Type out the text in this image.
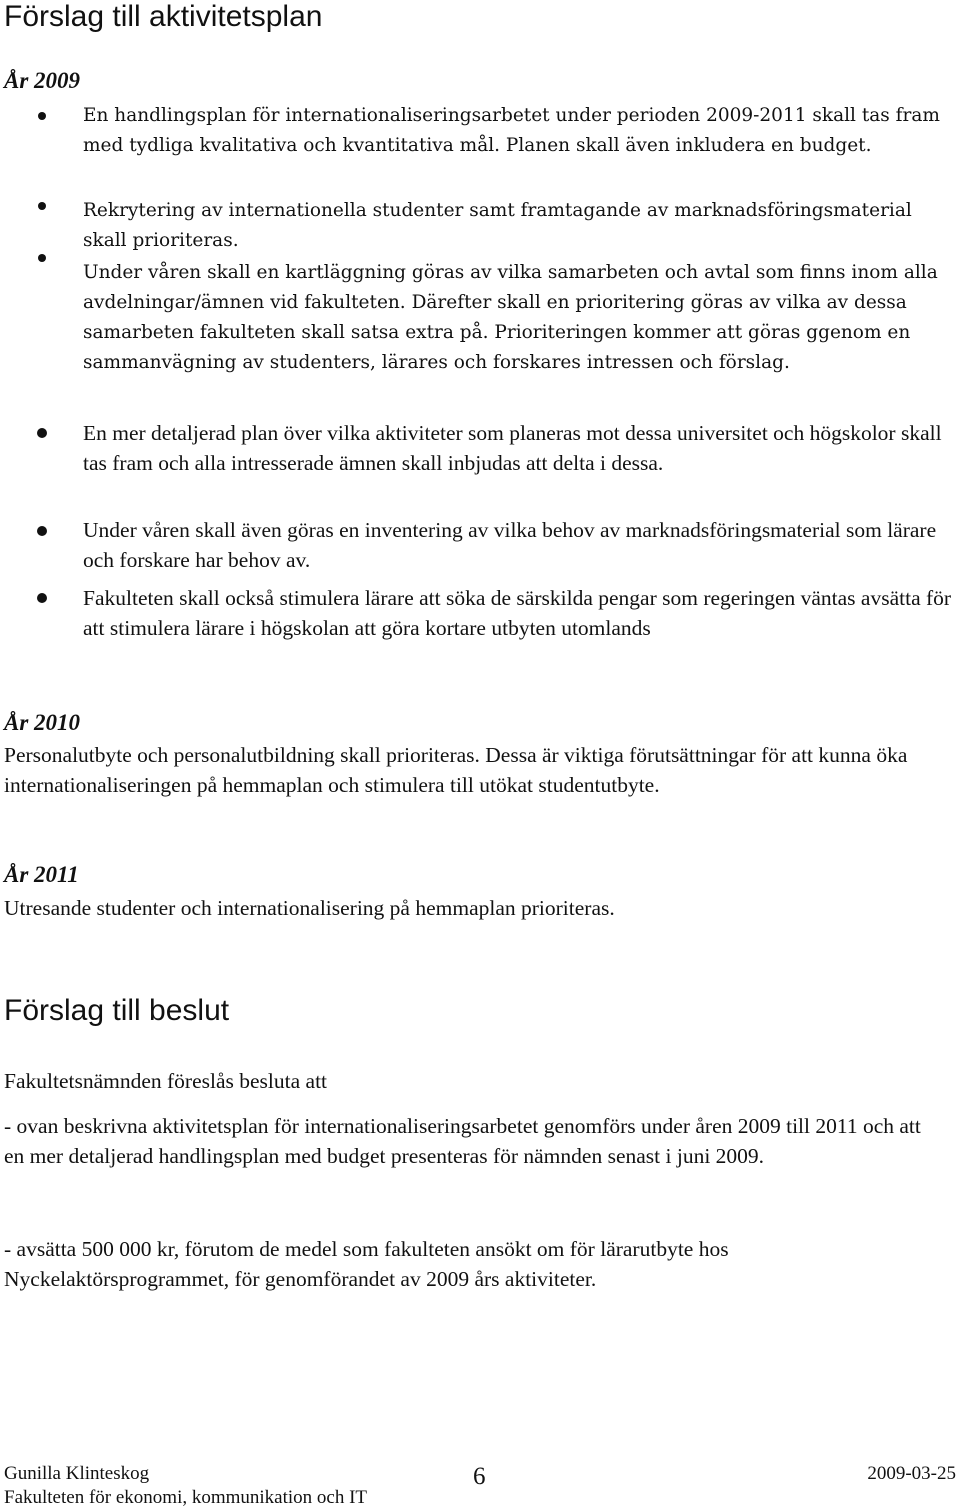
Förslag till aktivitetsplan
År 2009

En handlingsplan för internationaliseringsarbetet under perioden 2009-2011 skall tas fram med tydliga kvalitativa och kvantitativa mål. Planen skall även inkludera en budget.

Rekrytering av internationella studenter samt framtagande av marknadsföringsmaterial skall prioriteras.

Under våren skall en kartläggning göras av vilka samarbeten och avtal som finns inom alla avdelningar/ämnen vid fakulteten. Därefter skall en prioritering göras av vilka av dessa samarbeten fakulteten skall satsa extra på. Prioriteringen kommer att göras ggenom en sammanvägning av studenters, lärares och forskares intressen och förslag.

En mer detaljerad plan över vilka aktiviteter som planeras mot dessa universitet och högskolor skall tas fram och alla intresserade ämnen skall inbjudas att delta i dessa.

Under våren skall även göras en inventering av vilka behov av marknadsföringsmaterial som lärare och forskare har behov av.

Fakulteten skall också stimulera lärare att söka de särskilda pengar som regeringen väntas avsätta för att stimulera lärare i högskolan att göra kortare utbyten utomlands

År 2010

Personalutbyte och personalutbildning skall prioriteras. Dessa är viktiga förutsättningar för att kunna öka internationaliseringen på hemmaplan och stimulera till utökat studentutbyte.

År 2011

Utresande studenter och internationalisering på hemmaplan prioriteras.

Förslag till beslut

Fakultetsnämnden föreslås besluta att

- ovan beskrivna aktivitetsplan för internationaliseringsarbetet genomförs under åren 2009 till 2011 och att en mer detaljerad handlingsplan med budget presenteras för nämnden senast i juni 2009.

- avsätta 500 000 kr, förutom de medel som fakulteten ansökt om för lärarutbyte hos Nyckelaktörsprogrammet, för genomförandet av 2009 års aktiviteter.

Gunilla Klinteskog

Fakulteten för ekonomi, kommunikation och IT

6	2009-03-25
